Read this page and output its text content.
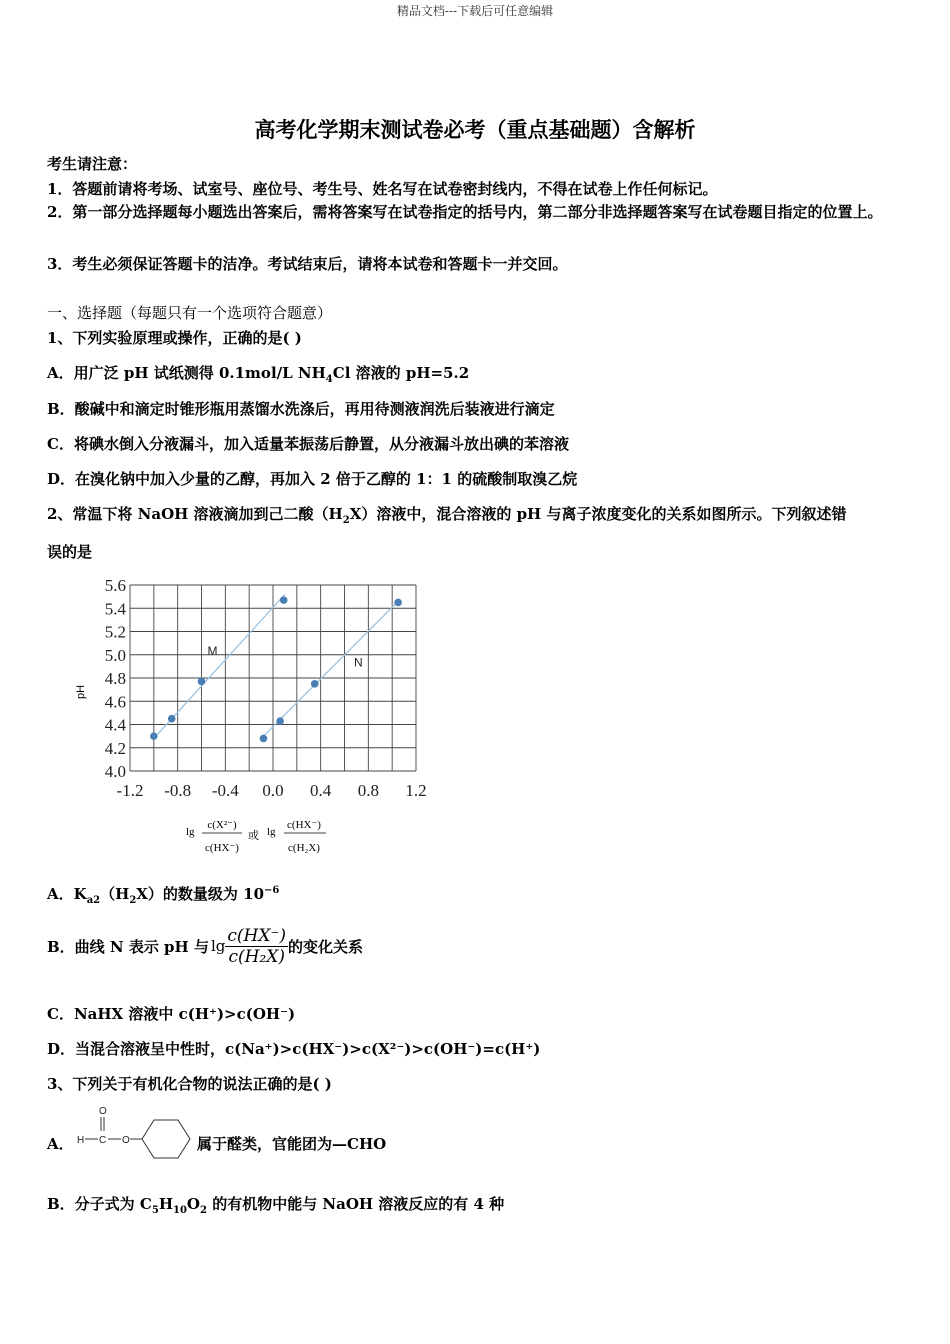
精品文档---下载后可任意编辑
高考化学期末测试卷必考（重点基础题）含解析
考生请注意：
1．答题前请将考场、试室号、座位号、考生号、姓名写在试卷密封线内，不得在试卷上作任何标记。
2．第一部分选择题每小题选出答案后，需将答案写在试卷指定的括号内，第二部分非选择题答案写在试卷题目指定的位置上。
3．考生必须保证答题卡的洁净。考试结束后，请将本试卷和答题卡一并交回。
一、选择题（每题只有一个选项符合题意）
1、下列实验原理或操作，正确的是( )
A．用广泛 pH 试纸测得 0.1mol/L $NH_4Cl$ 溶液的 pH=5.2
B．酸碱中和滴定时锥形瓶用蒸馏水洗涤后，再用待测液润洗后装液进行滴定
C．将碘水倒入分液漏斗，加入适量苯振荡后静置，从分液漏斗放出碘的苯溶液
D．在溴化钠中加入少量的乙醇，再加入 2 倍于乙醇的 1：1 的硫酸制取溴乙烷
2、常温下将 NaOH 溶液滴加到己二酸$(H_2X)$溶液中，混合溶液的 pH 与离子浓度变化的关系如图所示。下列叙述错
误的是
4.0
4.2
4.4
4.6
4.8
5.0
5.2
5.4
5.6
-1.2 -0.8 -0.4 0.0 0.4 0.8 1.2
pH
M
N
lg
c(X²⁻)
c(HX⁻)
或 lg
c(HX⁻)
c(H₂X)
A．$K_{a2}(H_2X)$的数量级为 $10^{-6}$
B．曲线 N 表示 pH 与 $\lg \frac{c(HX^-)}{\text{c(H₂X)}}$ 的变化关系
C．NaHX 溶液中 c(H⁺)>c(OH⁻)
D．当混合溶液呈中性时，c(Na⁺)>c(HX⁻)>c(X²⁻)>c(OH⁻)=c(H⁺)
3、下列关于有机化合物的说法正确的是( )
A． H C
O
O	属于醛类，官能团为—CHO
B．分子式为 $C_5H_{10}O_2$ 的有机物中能与 NaOH 溶液反应的有 4 种
